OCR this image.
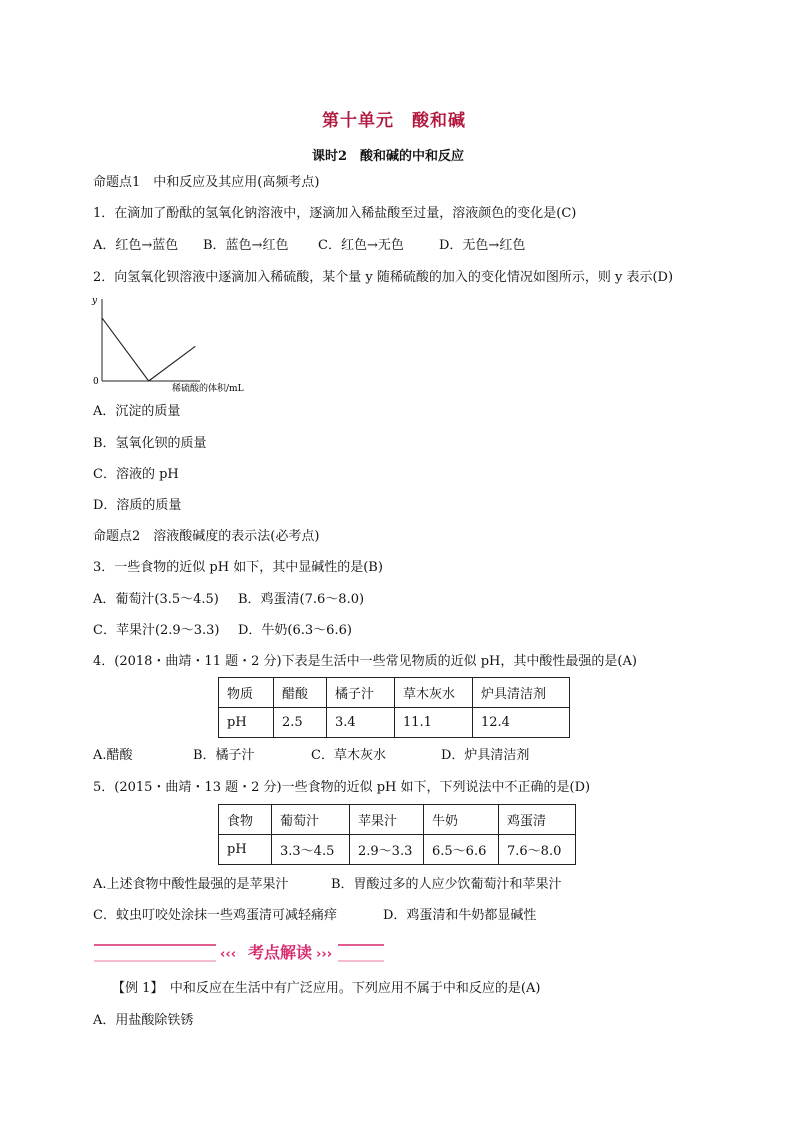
第十单元　酸和碱
课时2　酸和碱的中和反应
命题点1　中和反应及其应用(高频考点)
1．在滴加了酚酞的氢氧化钠溶液中，逐滴加入稀盐酸至过量，溶液颜色的变化是(C)
A．红色→蓝色 B．蓝色→红色 C．红色→无色	D．无色→红色
2．向氢氧化钡溶液中逐滴加入稀硫酸，某个量 y 随稀硫酸的加入的变化情况如图所示，则 y 表示(D)
y
0
稀硫酸的体积/mL
A．沉淀的质量
B．氢氧化钡的质量
C．溶液的 pH
D．溶质的质量
命题点2　溶液酸碱度的表示法(必考点)
3．一些食物的近似 pH 如下，其中显碱性的是(B)
A．葡萄汁(3.5～4.5) B．鸡蛋清(7.6～8.0)
C．苹果汁(2.9～3.3) D．牛奶(6.3～6.6)
4．(2018・曲靖・11 题・2 分)下表是生活中一些常见物质的近似 pH，其中酸性最强的是(A)
物质	醋酸	橘子汁	草木灰水	炉具清洁剂
pH	2.5	3.4	11.1	12.4
A.醋酸	B．橘子汁	C．草木灰水	D．炉具清洁剂
5．(2015・曲靖・13 题・2 分)一些食物的近似 pH 如下，下列说法中不正确的是(D)
食物	葡萄汁	苹果汁	牛奶	鸡蛋清
pH	3.3～4.5	2.9～3.3	6.5～6.6	7.6～8.0
A.上述食物中酸性最强的是苹果汁	B．胃酸过多的人应少饮葡萄汁和苹果汁
C．蚊虫叮咬处涂抹一些鸡蛋清可减轻痛痒	D．鸡蛋清和牛奶都显碱性
‹‹‹ 考点解读 ›››
【例 1】　中和反应在生活中有广泛应用。下列应用不属于中和反应的是(A)
A．用盐酸除铁锈
